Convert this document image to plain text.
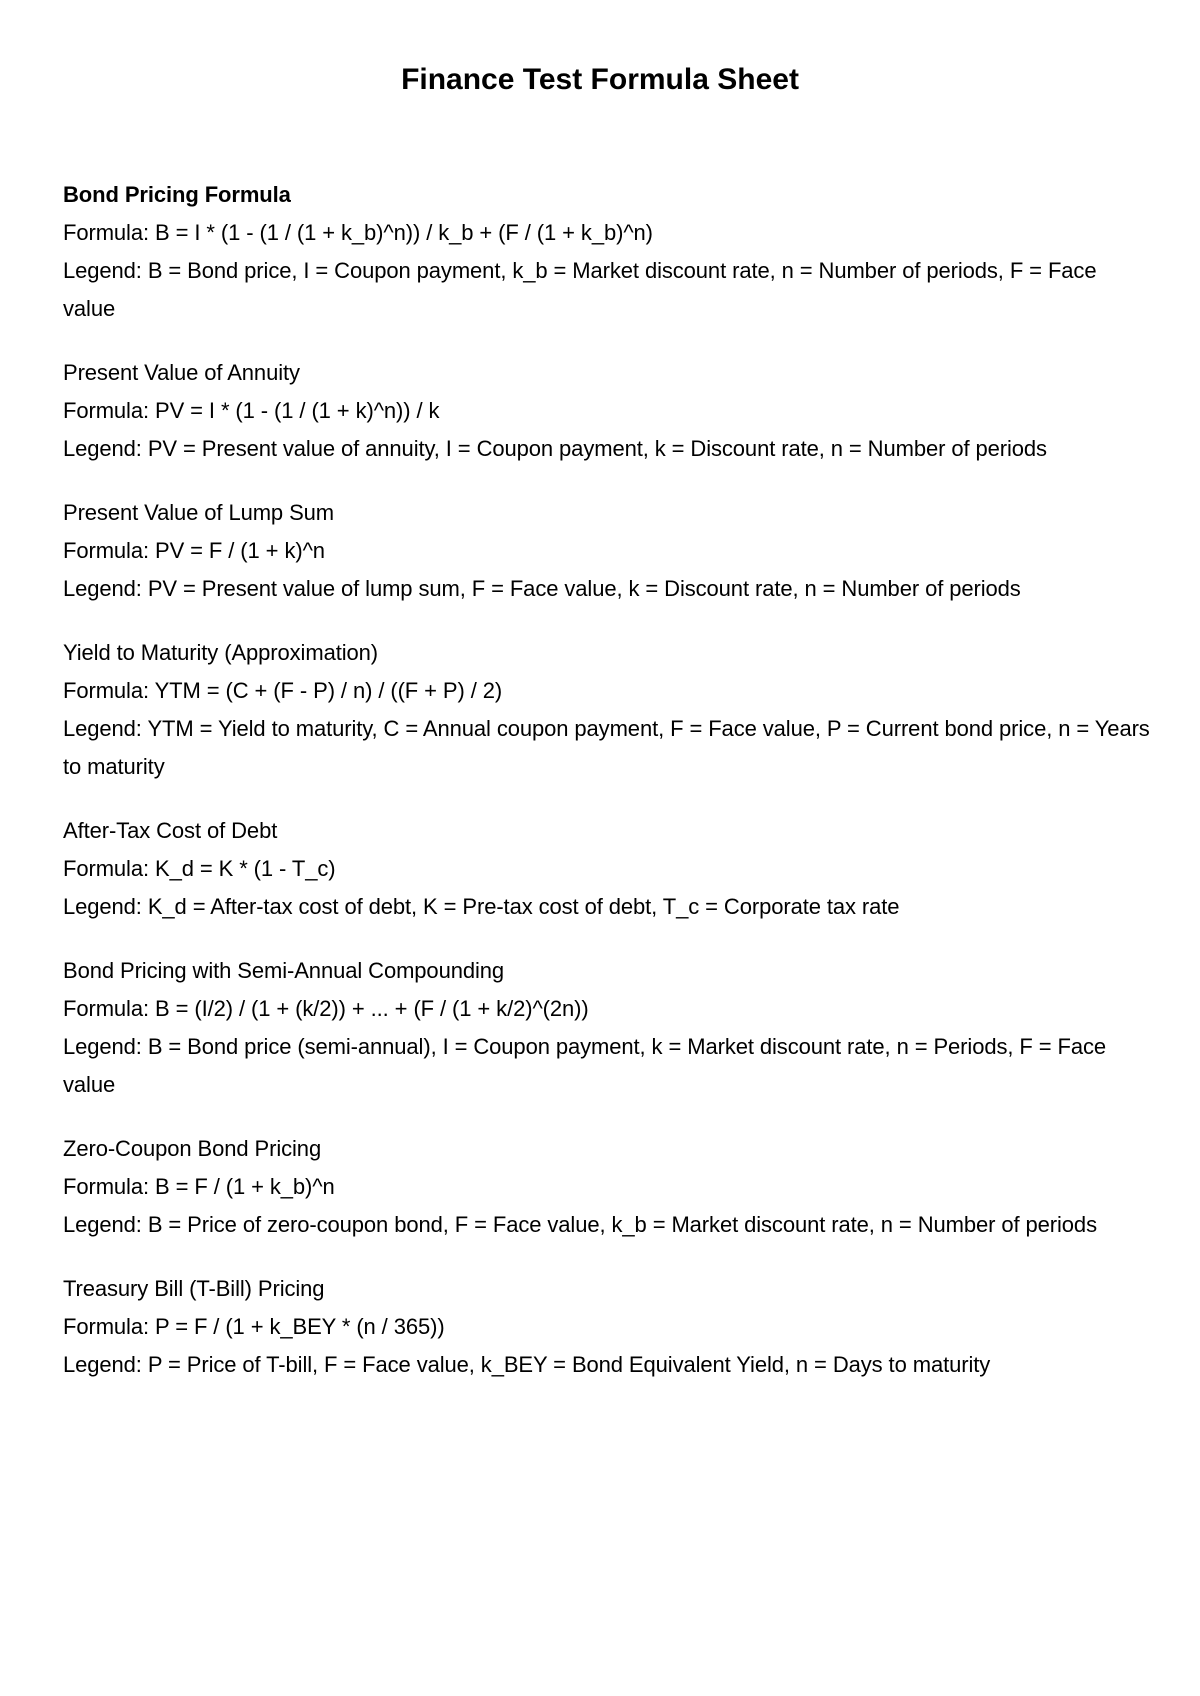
Finance Test Formula Sheet

Bond Pricing Formula

Formula: B = I * (1 - (1 / (1 + k_b)^n)) / k_b + (F / (1 + k_b)^n)

Legend: B = Bond price, I = Coupon payment, k_b = Market discount rate, n = Number of periods, F = Face value

Present Value of Annuity

Formula: PV = I * (1 - (1 / (1 + k)^n)) / k

Legend: PV = Present value of annuity, I = Coupon payment, k = Discount rate, n = Number of periods

Present Value of Lump Sum

Formula: PV = F / (1 + k)^n

Legend: PV = Present value of lump sum, F = Face value, k = Discount rate, n = Number of periods

Yield to Maturity (Approximation)

Formula: YTM = (C + (F - P) / n) / ((F + P) / 2)

Legend: YTM = Yield to maturity, C = Annual coupon payment, F = Face value, P = Current bond price, n = Years to maturity

After-Tax Cost of Debt

Formula: K_d = K * (1 - T_c)

Legend: K_d = After-tax cost of debt, K = Pre-tax cost of debt, T_c = Corporate tax rate

Bond Pricing with Semi-Annual Compounding

Formula: B = (I/2) / (1 + (k/2)) + ... + (F / (1 + k/2)^(2n))

Legend: B = Bond price (semi-annual), I = Coupon payment, k = Market discount rate, n = Periods, F = Face value

Zero-Coupon Bond Pricing

Formula: B = F / (1 + k_b)^n

Legend: B = Price of zero-coupon bond, F = Face value, k_b = Market discount rate, n = Number of periods

Treasury Bill (T-Bill) Pricing

Formula: P = F / (1 + k_BEY * (n / 365))

Legend: P = Price of T-bill, F = Face value, k_BEY = Bond Equivalent Yield, n = Days to maturity
